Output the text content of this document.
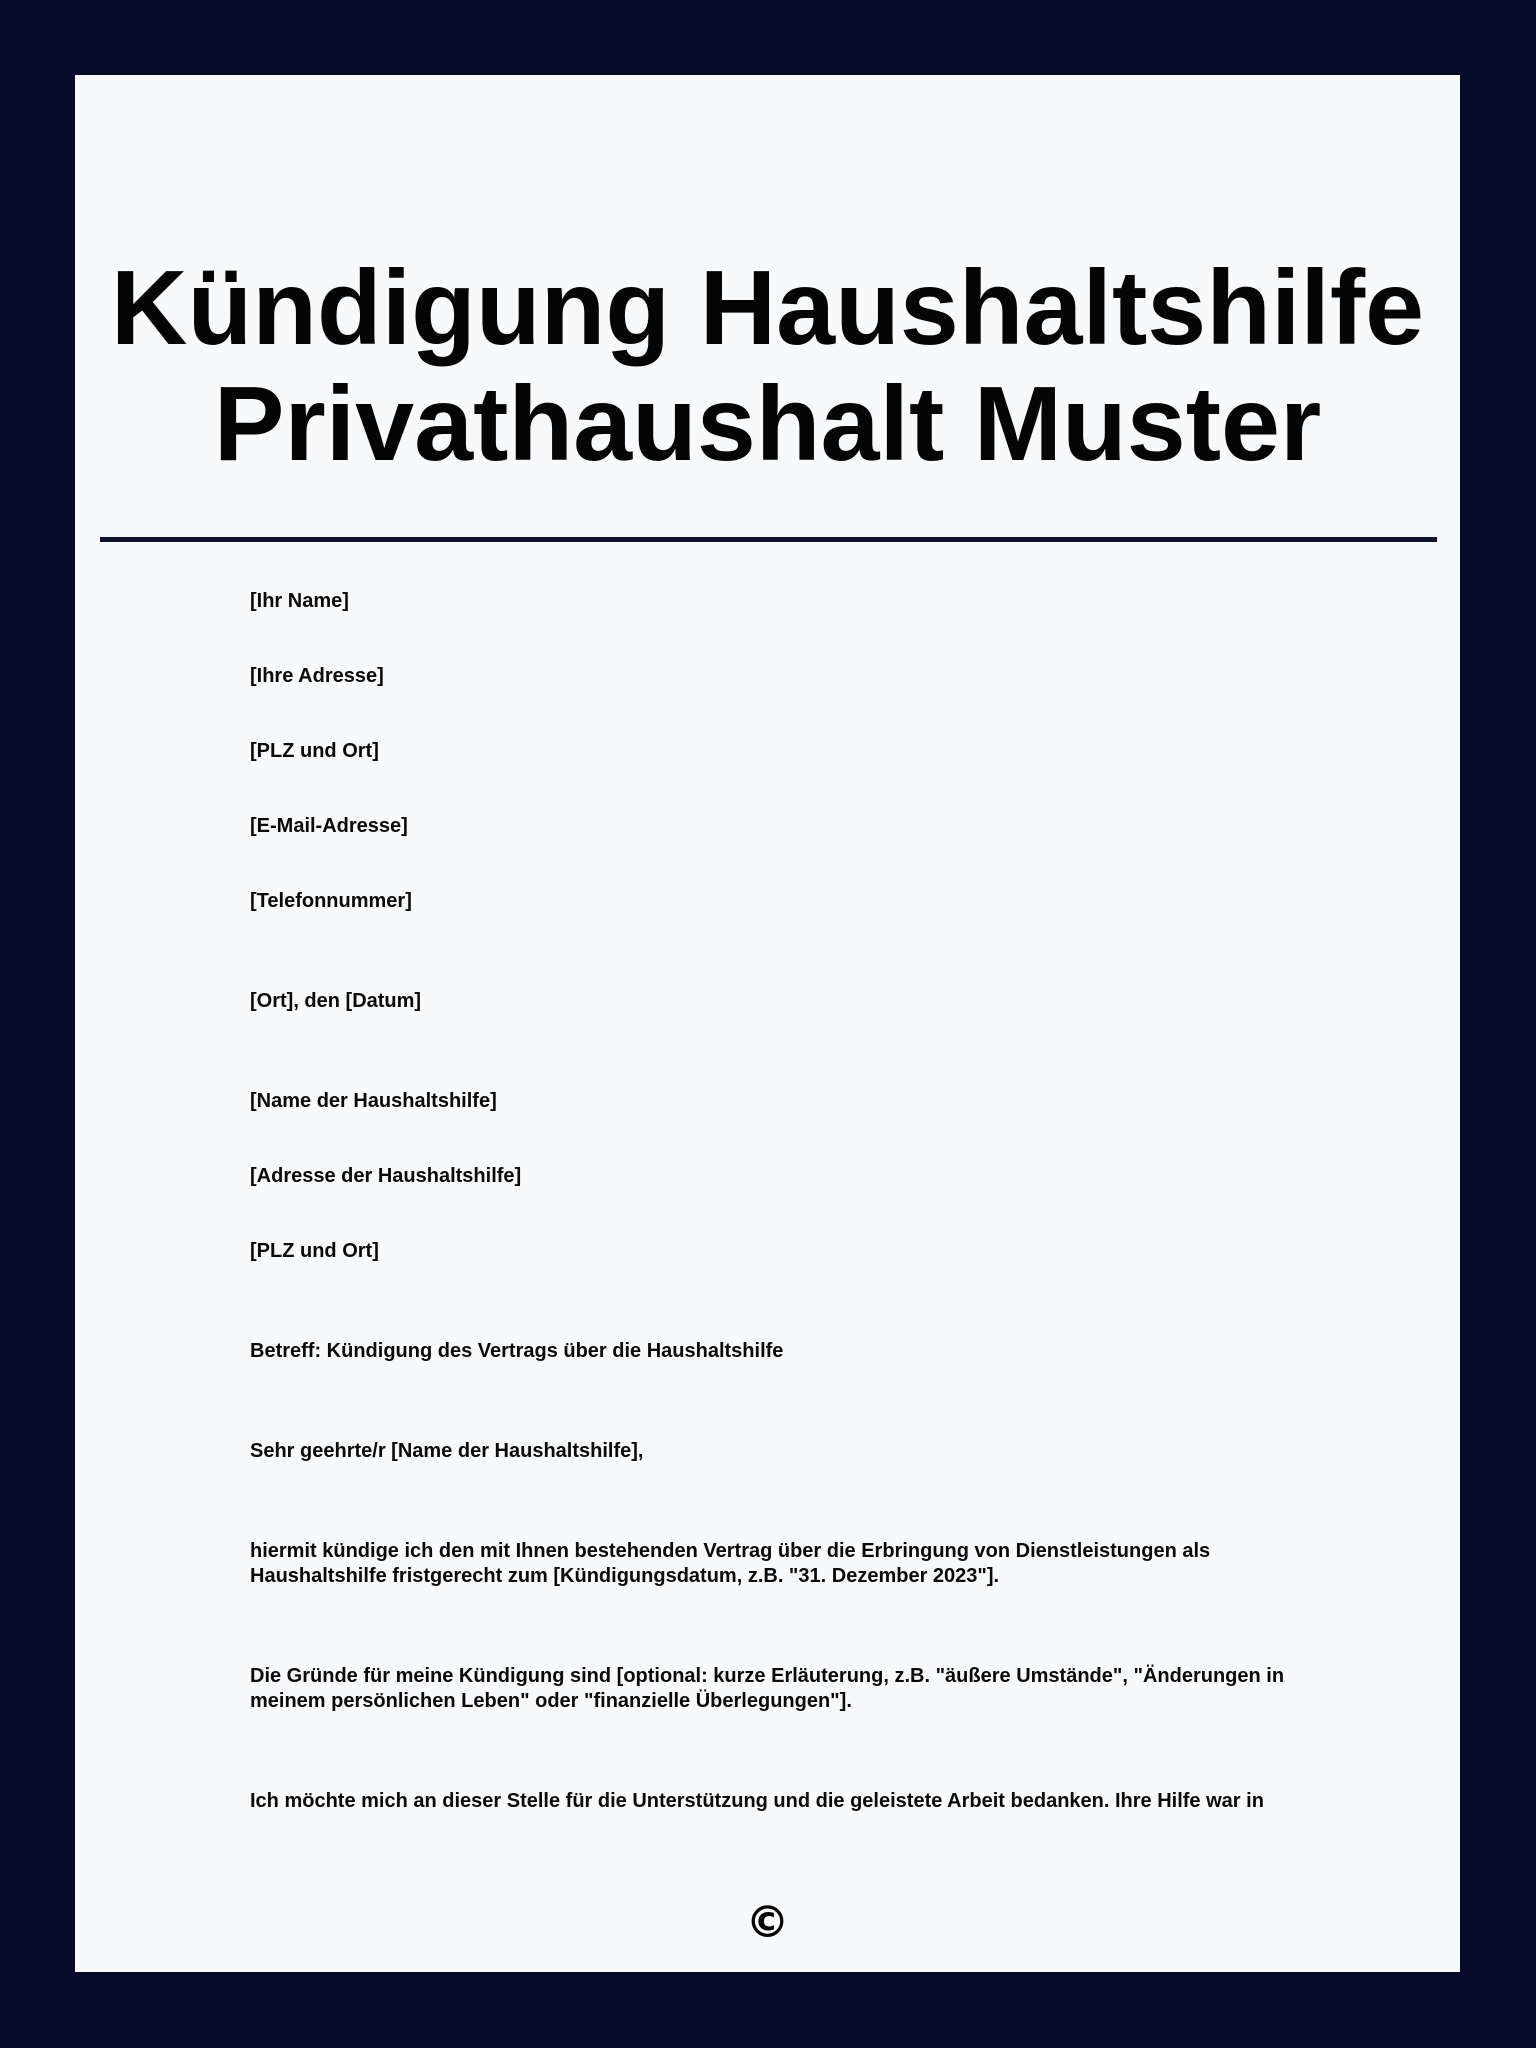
Kündigung Haushaltshilfe
Privathaushalt Muster

[Ihr Name]

[Ihre Adresse]

[PLZ und Ort]

[E-Mail-Adresse]

[Telefonnummer]

[Ort], den [Datum]

[Name der Haushaltshilfe]

[Adresse der Haushaltshilfe]

[PLZ und Ort]

Betreff: Kündigung des Vertrags über die Haushaltshilfe

Sehr geehrte/r [Name der Haushaltshilfe],

hiermit kündige ich den mit Ihnen bestehenden Vertrag über die Erbringung von Dienstleistungen als Haushaltshilfe fristgerecht zum [Kündigungsdatum, z.B. "31. Dezember 2023"].

Die Gründe für meine Kündigung sind [optional: kurze Erläuterung, z.B. "äußere Umstände", "Änderungen in meinem persönlichen Leben" oder "finanzielle Überlegungen"].

Ich möchte mich an dieser Stelle für die Unterstützung und die geleistete Arbeit bedanken. Ihre Hilfe war in

©
